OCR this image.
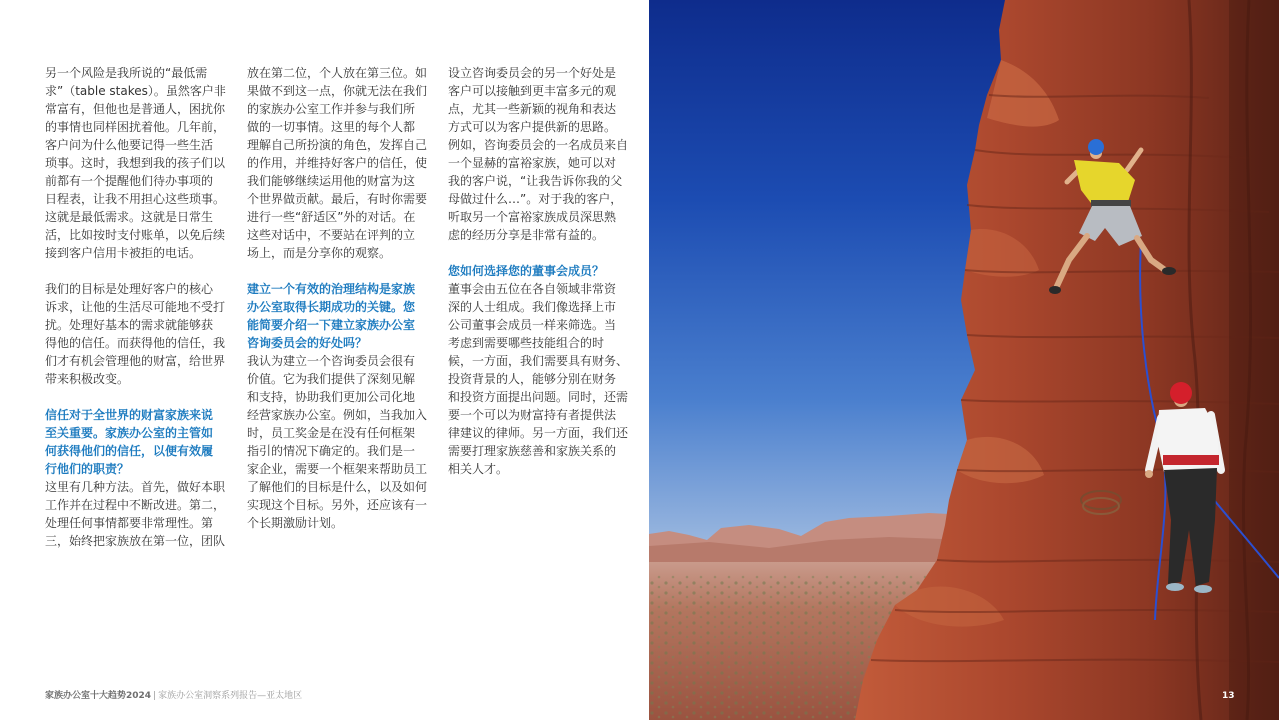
另一个风险是我所说的“最低需
求”（table stakes）。虽然客户非
常富有，但他也是普通人，困扰你
的事情也同样困扰着他。几年前，
客户问为什么他要记得一些生活
琐事。这时，我想到我的孩子们以
前都有一个提醒他们待办事项的
日程表，让我不用担心这些琐事。
这就是最低需求。这就是日常生
活，比如按时支付账单，以免后续
接到客户信用卡被拒的电话。
我们的目标是处理好客户的核心
诉求，让他的生活尽可能地不受打
扰。处理好基本的需求就能够获
得他的信任。而获得他的信任，我
们才有机会管理他的财富，给世界
带来积极改变。
信任对于全世界的财富家族来说
至关重要。家族办公室的主管如
何获得他们的信任，以便有效履
行他们的职责？
这里有几种方法。首先，做好本职
工作并在过程中不断改进。第二，
处理任何事情都要非常理性。第
三，始终把家族放在第一位，团队
放在第二位，个人放在第三位。如
果做不到这一点，你就无法在我们
的家族办公室工作并参与我们所
做的一切事情。这里的每个人都
理解自己所扮演的角色，发挥自己
的作用，并维持好客户的信任，使
我们能够继续运用他的财富为这
个世界做贡献。最后，有时你需要
进行一些“舒适区”外的对话。在
这些对话中，不要站在评判的立
场上，而是分享你的观察。
建立一个有效的治理结构是家族
办公室取得长期成功的关键。您
能简要介绍一下建立家族办公室
咨询委员会的好处吗？
我认为建立一个咨询委员会很有
价值。它为我们提供了深刻见解
和支持，协助我们更加公司化地
经营家族办公室。例如，当我加入
时，员工奖金是在没有任何框架
指引的情况下确定的。我们是一
家企业，需要一个框架来帮助员工
了解他们的目标是什么，以及如何
实现这个目标。另外，还应该有一
个长期激励计划。
设立咨询委员会的另一个好处是
客户可以接触到更丰富多元的观
点，尤其一些新颖的视角和表达
方式可以为客户提供新的思路。
例如，咨询委员会的一名成员来自
一个显赫的富裕家族，她可以对
我的客户说，“让我告诉你我的父
母做过什么…”。对于我的客户，
听取另一个富裕家族成员深思熟
虑的经历分享是非常有益的。
您如何选择您的董事会成员？
董事会由五位在各自领域非常资
深的人士组成。我们像选择上市
公司董事会成员一样来筛选。当
考虑到需要哪些技能组合的时
候，一方面，我们需要具有财务、
投资背景的人，能够分别在财务
和投资方面提出问题。同时，还需
要一个可以为财富持有者提供法
律建议的律师。另一方面，我们还
需要打理家族慈善和家族关系的
相关人才。
家族办公室十大趋势2024 | 家族办公室洞察系列报告—亚太地区	13
